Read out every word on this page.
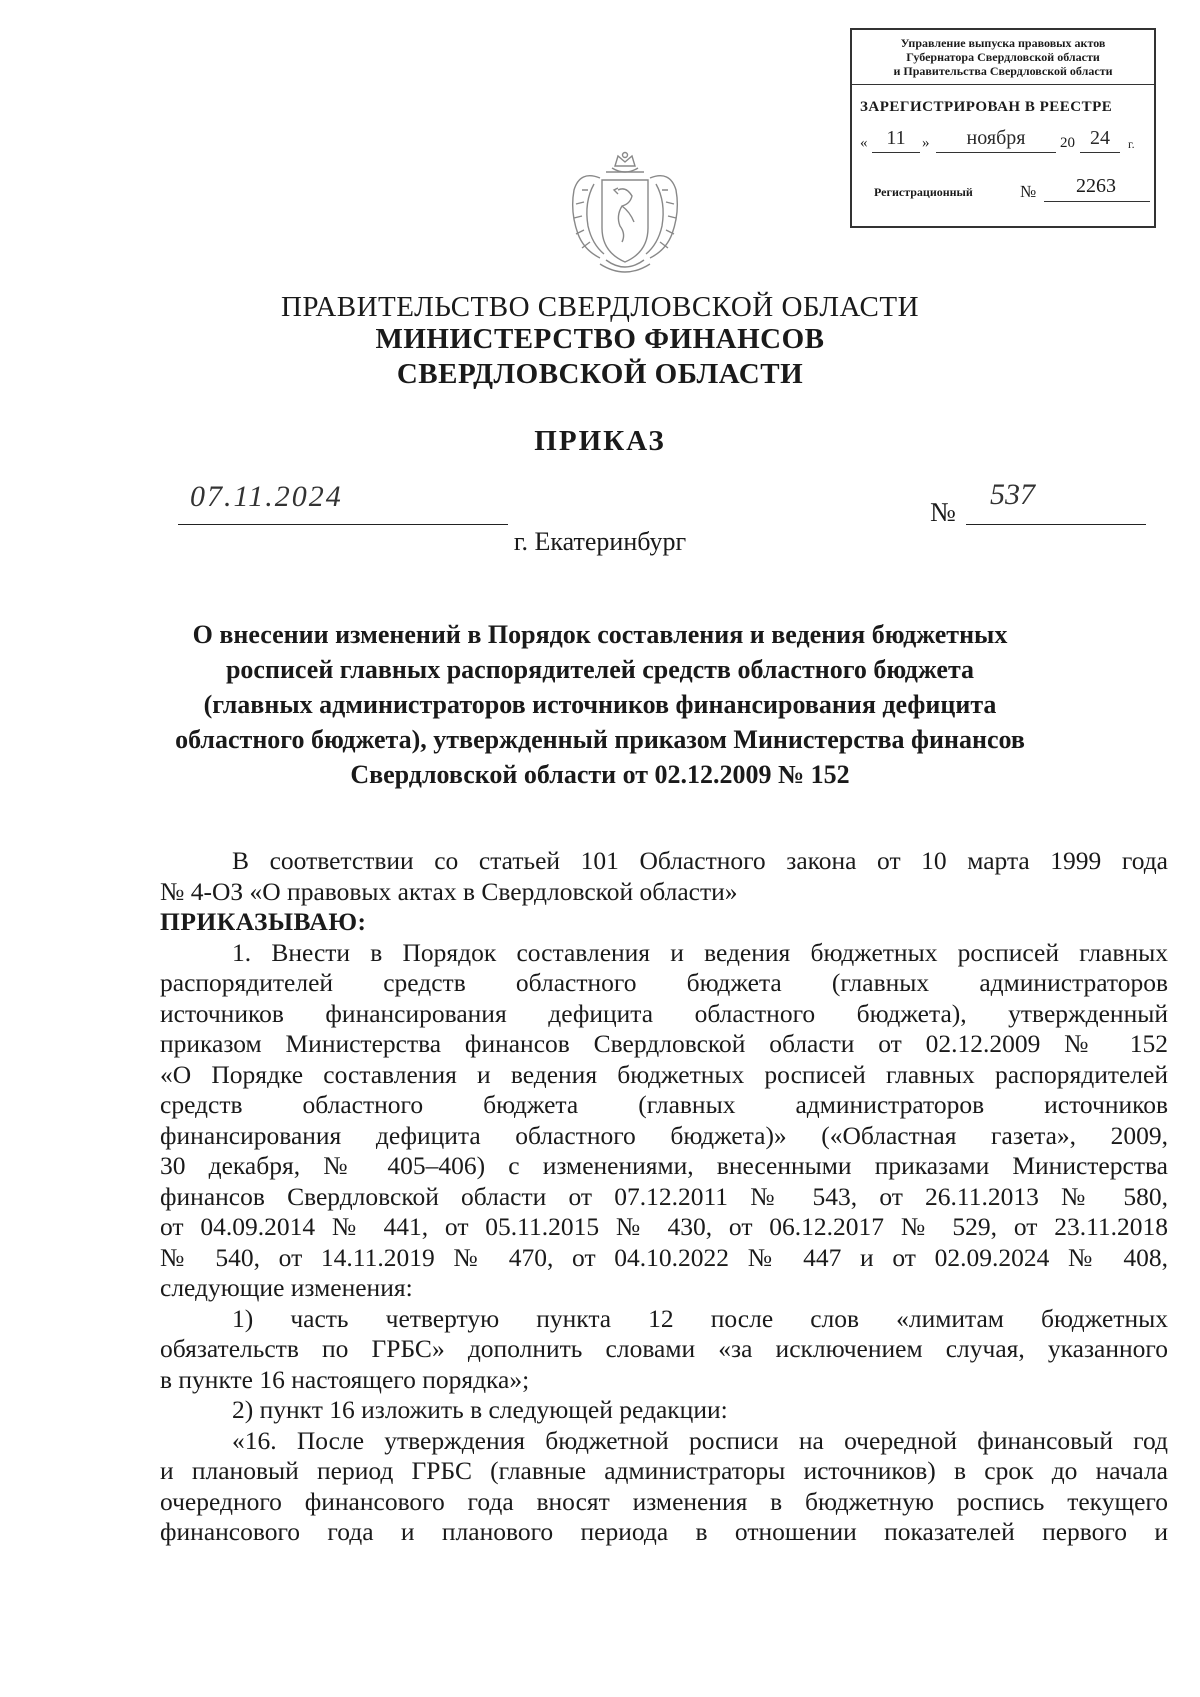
Управление выпуска правовых актов
Губернатора Свердловской области
и Правительства Свердловской области
ЗАРЕГИСТРИРОВАН В РЕЕСТРЕ
« 11	»	ноября	20 24	г.
Регистрационный	№	2263
ПРАВИТЕЛЬСТВО СВЕРДЛОВСКОЙ ОБЛАСТИ
МИНИСТЕРСТВО ФИНАНСОВ
СВЕРДЛОВСКОЙ ОБЛАСТИ
ПРИКАЗ
07.11.2024	№
537
г. Екатеринбург
О внесении изменений в Порядок составления и ведения бюджетных
росписей главных распорядителей средств областного бюджета
(главных администраторов источников финансирования дефицита
областного бюджета), утвержденный приказом Министерства финансов
Свердловской области от 02.12.2009 № 152

В соответствии со статьей 101 Областного закона от 10 марта 1999 года

№ 4-ОЗ «О правовых актах в Свердловской области»

ПРИКАЗЫВАЮ:

1. Внести в Порядок составления и ведения бюджетных росписей главных

распорядителей средств областного бюджета (главных администраторов

источников финансирования дефицита областного бюджета), утвержденный

приказом Министерства финансов Свердловской области от 02.12.2009 № 152

«О Порядке составления и ведения бюджетных росписей главных распорядителей

средств областного бюджета (главных администраторов источников

финансирования дефицита областного бюджета)» («Областная газета», 2009,

30 декабря, № 405–406) с изменениями, внесенными приказами Министерства

финансов Свердловской области от 07.12.2011 № 543, от 26.11.2013 № 580,

от 04.09.2014 № 441, от 05.11.2015 № 430, от 06.12.2017 № 529, от 23.11.2018

№ 540, от 14.11.2019 № 470, от 04.10.2022 № 447 и от 02.09.2024 № 408,

следующие изменения:

1) часть четвертую пункта 12 после слов «лимитам бюджетных

обязательств по ГРБС» дополнить словами «за исключением случая, указанного

в пункте 16 настоящего порядка»;

2) пункт 16 изложить в следующей редакции:

«16. После утверждения бюджетной росписи на очередной финансовый год

и плановый период ГРБС (главные администраторы источников) в срок до начала

очередного финансового года вносят изменения в бюджетную роспись текущего

финансового года и планового периода в отношении показателей первого и
